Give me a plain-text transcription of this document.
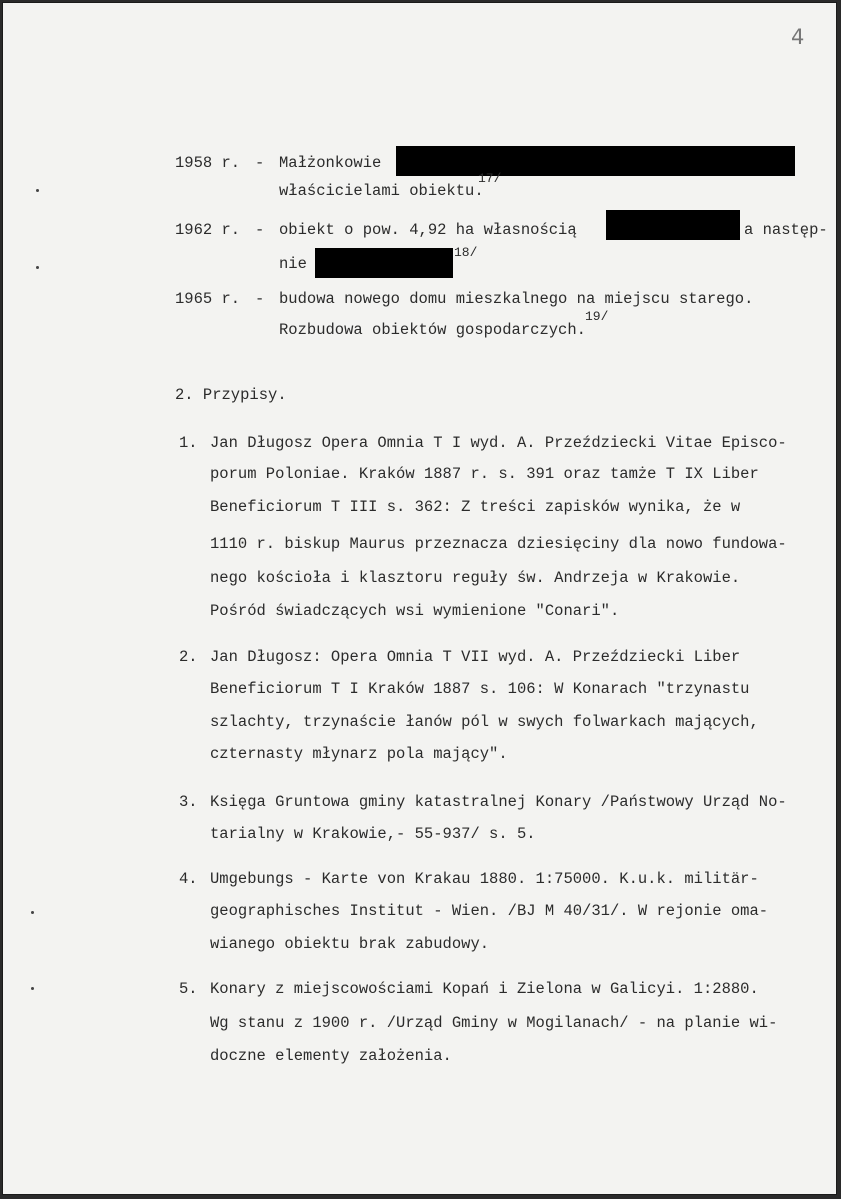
4
1958 r. - Małżonkowie
właścicielami obiektu.
17/
1962 r. - obiekt o pow. 4,92 ha własnością	a następ-
nie
18/
1965 r. - budowa nowego domu mieszkalnego na miejscu starego.
Rozbudowa obiektów gospodarczych.
19/
2. Przypisy.
1. Jan Długosz Opera Omnia T I wyd. A. Przeździecki Vitae Episco-
porum Poloniae. Kraków 1887 r. s. 391 oraz tamże T IX Liber
Beneficiorum T III s. 362: Z treści zapisków wynika, że w
1110 r. biskup Maurus przeznacza dziesięciny dla nowo fundowa-
nego kościoła i klasztoru reguły św. Andrzeja w Krakowie.
Pośród świadczących wsi wymienione "Conari".
2. Jan Długosz: Opera Omnia T VII wyd. A. Przeździecki Liber
Beneficiorum T I Kraków 1887 s. 106: W Konarach "trzynastu
szlachty, trzynaście łanów pól w swych folwarkach mających,
czternasty młynarz pola mający".
3. Księga Gruntowa gminy katastralnej Konary /Państwowy Urząd No-
tarialny w Krakowie,- 55-937/ s. 5.
4. Umgebungs - Karte von Krakau 1880. 1:75000. K.u.k. militär-
geographisches Institut - Wien. /BJ M 40/31/. W rejonie oma-
wianego obiektu brak zabudowy.
5. Konary z miejscowościami Kopań i Zielona w Galicyi. 1:2880.
Wg stanu z 1900 r. /Urząd Gminy w Mogilanach/ - na planie wi-
doczne elementy założenia.
